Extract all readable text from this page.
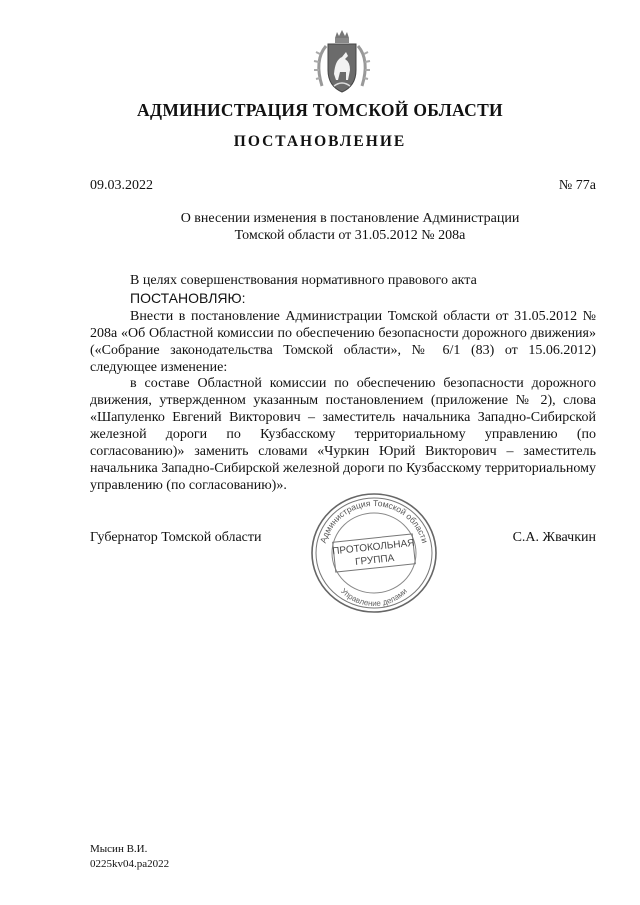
АДМИНИСТРАЦИЯ ТОМСКОЙ ОБЛАСТИ
ПОСТАНОВЛЕНИЕ
09.03.2022	№ 77а
О внесении изменения в постановление Администрации Томской области от 31.05.2012 № 208а

В целях совершенствования нормативного правового акта

ПОСТАНОВЛЯЮ:

Внести в постановление Администрации Томской области от 31.05.2012 № 208а «Об Областной комиссии по обеспечению безопасности дорожного движения» («Собрание законодательства Томской области», № 6/1 (83) от 15.06.2012) следующее изменение:

в составе Областной комиссии по обеспечению безопасности дорожного движения, утвержденном указанным постановлением (приложение № 2), слова «Шапуленко Евгений Викторович – заместитель начальника Западно-Сибирской железной дороги по Кузбасскому территориальному управлению (по согласованию)» заменить словами «Чуркин Юрий Викторович – заместитель начальника Западно-Сибирской железной дороги по Кузбасскому территориальному управлению (по согласованию)».

Губернатор Томской области	С.А. Жвачкин
Администрация Томской области
Управление делами
ПРОТОКОЛЬНАЯ
ГРУППА
Мысин В.И.
0225kv04.pa2022
